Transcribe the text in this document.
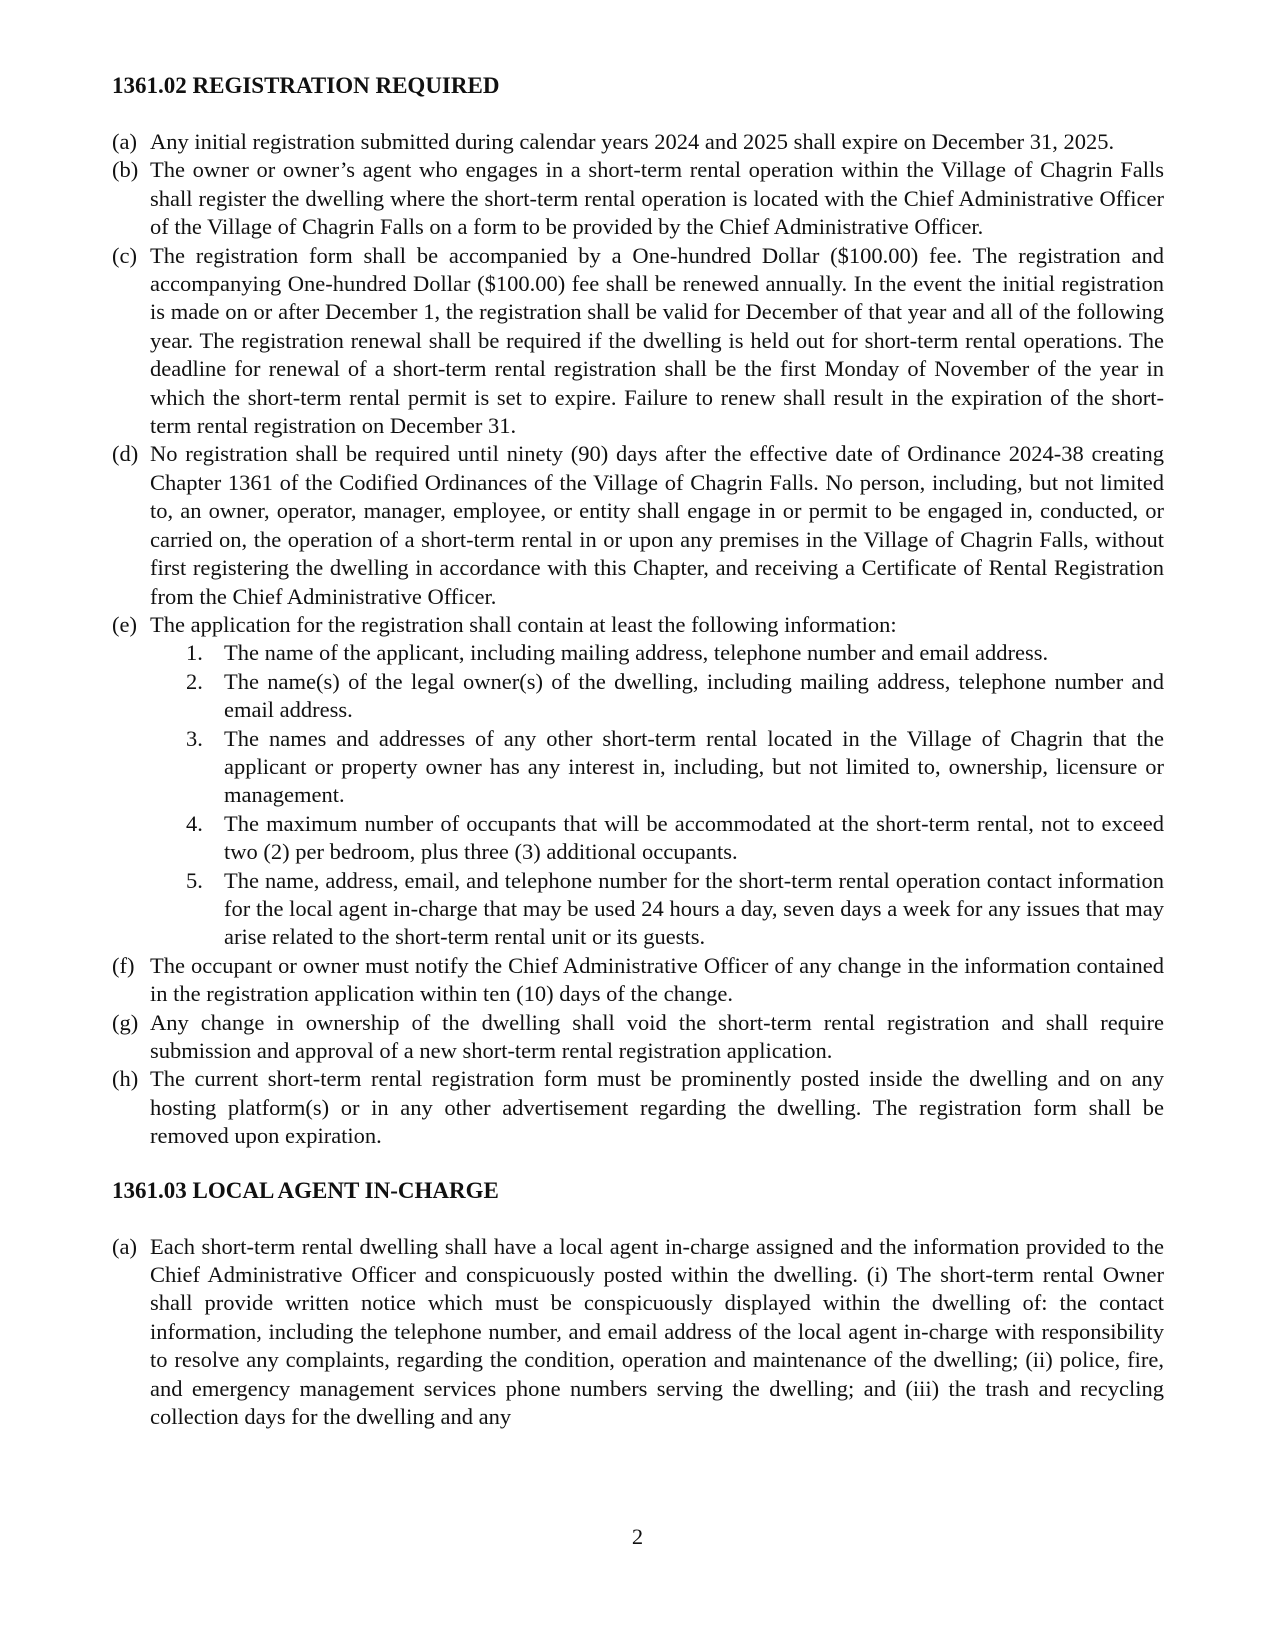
1361.02 REGISTRATION REQUIRED
(a) Any initial registration submitted during calendar years 2024 and 2025 shall expire on December 31, 2025.
(b) The owner or owner’s agent who engages in a short-term rental operation within the Village of Chagrin Falls shall register the dwelling where the short-term rental operation is located with the Chief Administrative Officer of the Village of Chagrin Falls on a form to be provided by the Chief Administrative Officer.
(c) The registration form shall be accompanied by a One-hundred Dollar ($100.00) fee. The registration and accompanying One-hundred Dollar ($100.00) fee shall be renewed annually. In the event the initial registration is made on or after December 1, the registration shall be valid for December of that year and all of the following year. The registration renewal shall be required if the dwelling is held out for short-term rental operations. The deadline for renewal of a short-term rental registration shall be the first Monday of November of the year in which the short-term rental permit is set to expire. Failure to renew shall result in the expiration of the short-term rental registration on December 31.
(d) No registration shall be required until ninety (90) days after the effective date of Ordinance 2024-38 creating Chapter 1361 of the Codified Ordinances of the Village of Chagrin Falls. No person, including, but not limited to, an owner, operator, manager, employee, or entity shall engage in or permit to be engaged in, conducted, or carried on, the operation of a short-term rental in or upon any premises in the Village of Chagrin Falls, without first registering the dwelling in accordance with this Chapter, and receiving a Certificate of Rental Registration from the Chief Administrative Officer.
(e) The application for the registration shall contain at least the following information:
1. The name of the applicant, including mailing address, telephone number and email address.
2. The name(s) of the legal owner(s) of the dwelling, including mailing address, telephone number and email address.
3. The names and addresses of any other short-term rental located in the Village of Chagrin that the applicant or property owner has any interest in, including, but not limited to, ownership, licensure or management.
4. The maximum number of occupants that will be accommodated at the short-term rental, not to exceed two (2) per bedroom, plus three (3) additional occupants.
5. The name, address, email, and telephone number for the short-term rental operation contact information for the local agent in-charge that may be used 24 hours a day, seven days a week for any issues that may arise related to the short-term rental unit or its guests.
(f) The occupant or owner must notify the Chief Administrative Officer of any change in the information contained in the registration application within ten (10) days of the change.
(g) Any change in ownership of the dwelling shall void the short-term rental registration and shall require submission and approval of a new short-term rental registration application.
(h) The current short-term rental registration form must be prominently posted inside the dwelling and on any hosting platform(s) or in any other advertisement regarding the dwelling. The registration form shall be removed upon expiration.
1361.03 LOCAL AGENT IN-CHARGE
(a) Each short-term rental dwelling shall have a local agent in-charge assigned and the information provided to the Chief Administrative Officer and conspicuously posted within the dwelling. (i) The short-term rental Owner shall provide written notice which must be conspicuously displayed within the dwelling of: the contact information, including the telephone number, and email address of the local agent in-charge with responsibility to resolve any complaints, regarding the condition, operation and maintenance of the dwelling; (ii) police, fire, and emergency management services phone numbers serving the dwelling; and (iii) the trash and recycling collection days for the dwelling and any
2
